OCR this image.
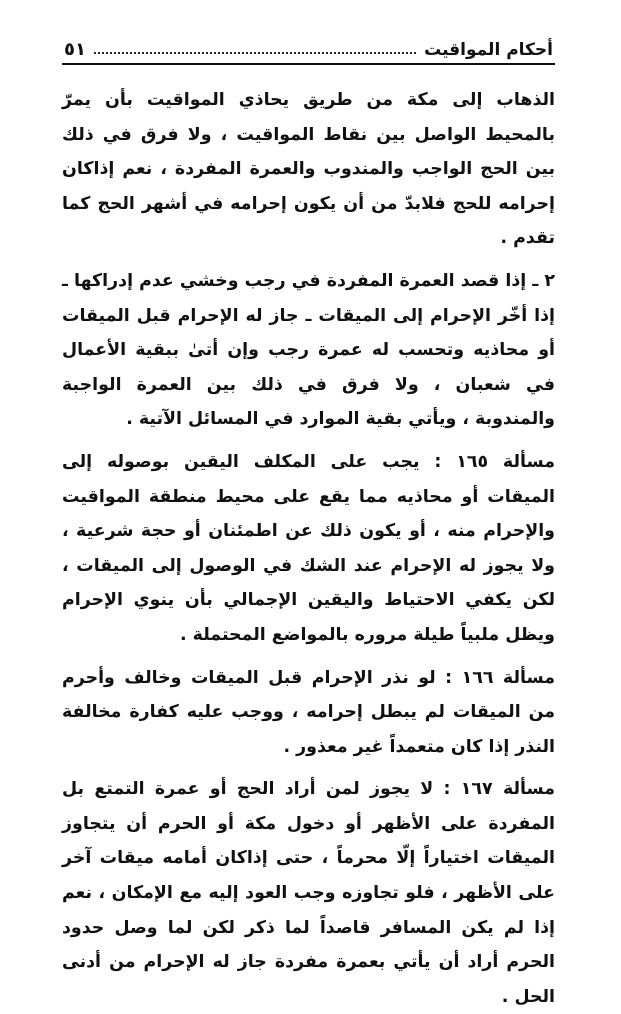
أحكام المواقيت
٥١

الذهاب إلى مكة من طريق يحاذي المواقيت بأن يمرّ بالمحيط الواصل بين نقاط المواقيت ، ولا فرق في ذلك بين الحج الواجب والمندوب والعمرة المفردة ، نعم إذاكان إحرامه للحج فلابدّ من أن يكون إحرامه في أشهر الحج كما تقدم .

٢ ـ إذا قصد العمرة المفردة في رجب وخشي عدم إدراكها ـ إذا أخّر الإحرام إلى الميقات ـ جاز له الإحرام قبل الميقات أو محاذيه وتحسب له عمرة رجب وإن أتىٰ ببقية الأعمال في شعبان ، ولا فرق في ذلك بين العمرة الواجبة والمندوبة ، ويأتي بقية الموارد في المسائل الآتية .

مسألة ١٦٥ : يجب على المكلف اليقين بوصوله إلى الميقات أو محاذيه مما يقع على محيط منطقة المواقيت والإحرام منه ، أو يكون ذلك عن اطمئنان أو حجة شرعية ، ولا يجوز له الإحرام عند الشك في الوصول إلى الميقات ، لكن يكفي الاحتياط واليقين الإجمالي بأن ينوي الإحرام ويظل ملبياً طيلة مروره بالمواضع المحتملة .

مسألة ١٦٦ : لو نذر الإحرام قبل الميقات وخالف وأحرم من الميقات لم يبطل إحرامه ، ووجب عليه كفارة مخالفة النذر إذا كان متعمداً غير معذور .

مسألة ١٦٧ : لا يجوز لمن أراد الحج أو عمرة التمتع بل المفردة على الأظهر أو دخول مكة أو الحرم أن يتجاوز الميقات اختياراً إلّا محرماً ، حتى إذاكان أمامه ميقات آخر على الأظهر ، فلو تجاوزه وجب العود إليه مع الإمكان ، نعم إذا لم يكن المسافر قاصداً لما ذكر لكن لما وصل حدود الحرم أراد أن يأتي بعمرة مفردة جاز له الإحرام من أدنى الحل .
